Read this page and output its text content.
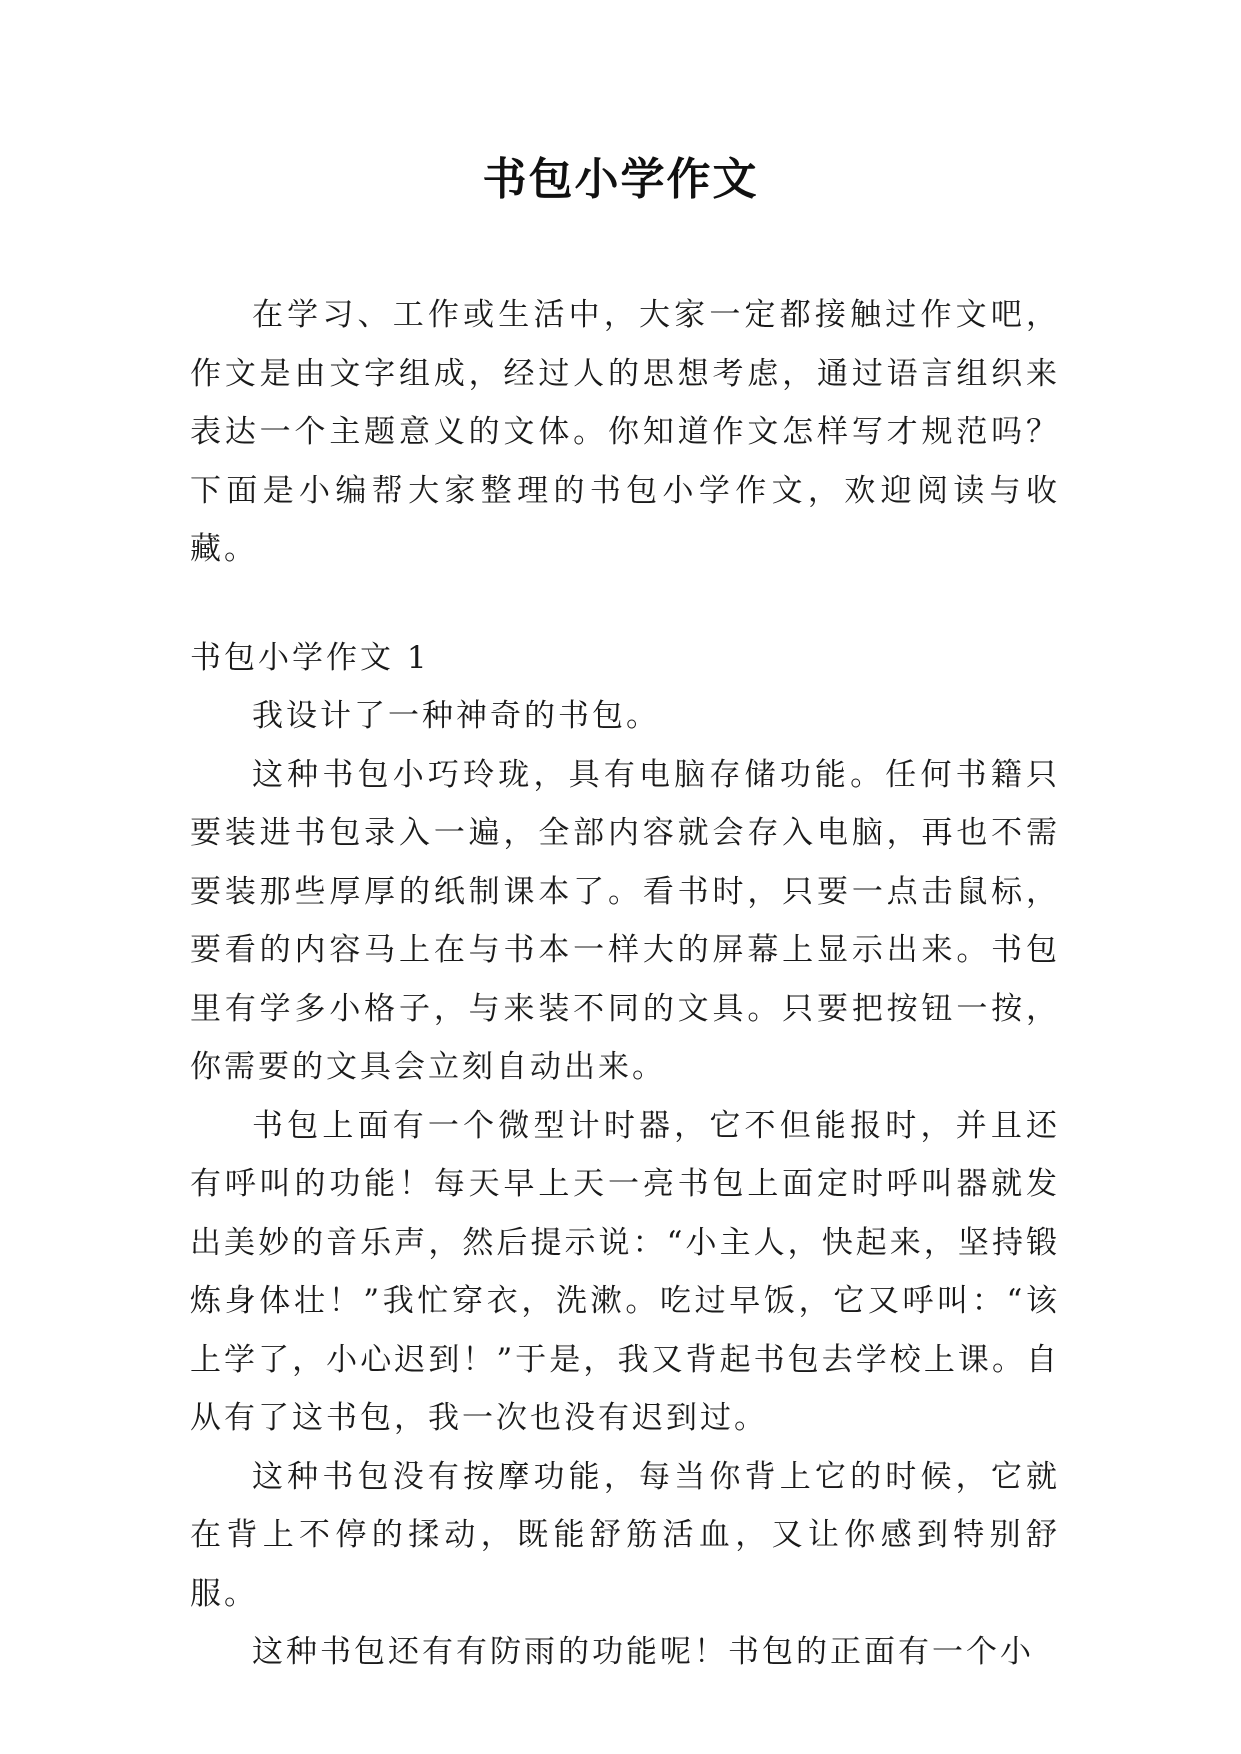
书包小学作文

在学习、工作或生活中，大家一定都接触过作文吧，作文是由文字组成，经过人的思想考虑，通过语言组织来表达一个主题意义的文体。你知道作文怎样写才规范吗？下面是小编帮大家整理的书包小学作文，欢迎阅读与收藏。

书包小学作文 1

我设计了一种神奇的书包。

这种书包小巧玲珑，具有电脑存储功能。任何书籍只要装进书包录入一遍，全部内容就会存入电脑，再也不需要装那些厚厚的纸制课本了。看书时，只要一点击鼠标，要看的内容马上在与书本一样大的屏幕上显示出来。书包里有学多小格子，与来装不同的文具。只要把按钮一按，你需要的文具会立刻自动出来。

书包上面有一个微型计时器，它不但能报时，并且还有呼叫的功能！每天早上天一亮书包上面定时呼叫器就发出美妙的音乐声，然后提示说：“小主人，快起来，坚持锻炼身体壮！”我忙穿衣，洗漱。吃过早饭，它又呼叫：“该上学了，小心迟到！”于是，我又背起书包去学校上课。自从有了这书包，我一次也没有迟到过。

这种书包没有按摩功能，每当你背上它的时候，它就在背上不停的揉动，既能舒筋活血，又让你感到特别舒服。

这种书包还有有防雨的功能呢！书包的正面有一个小
